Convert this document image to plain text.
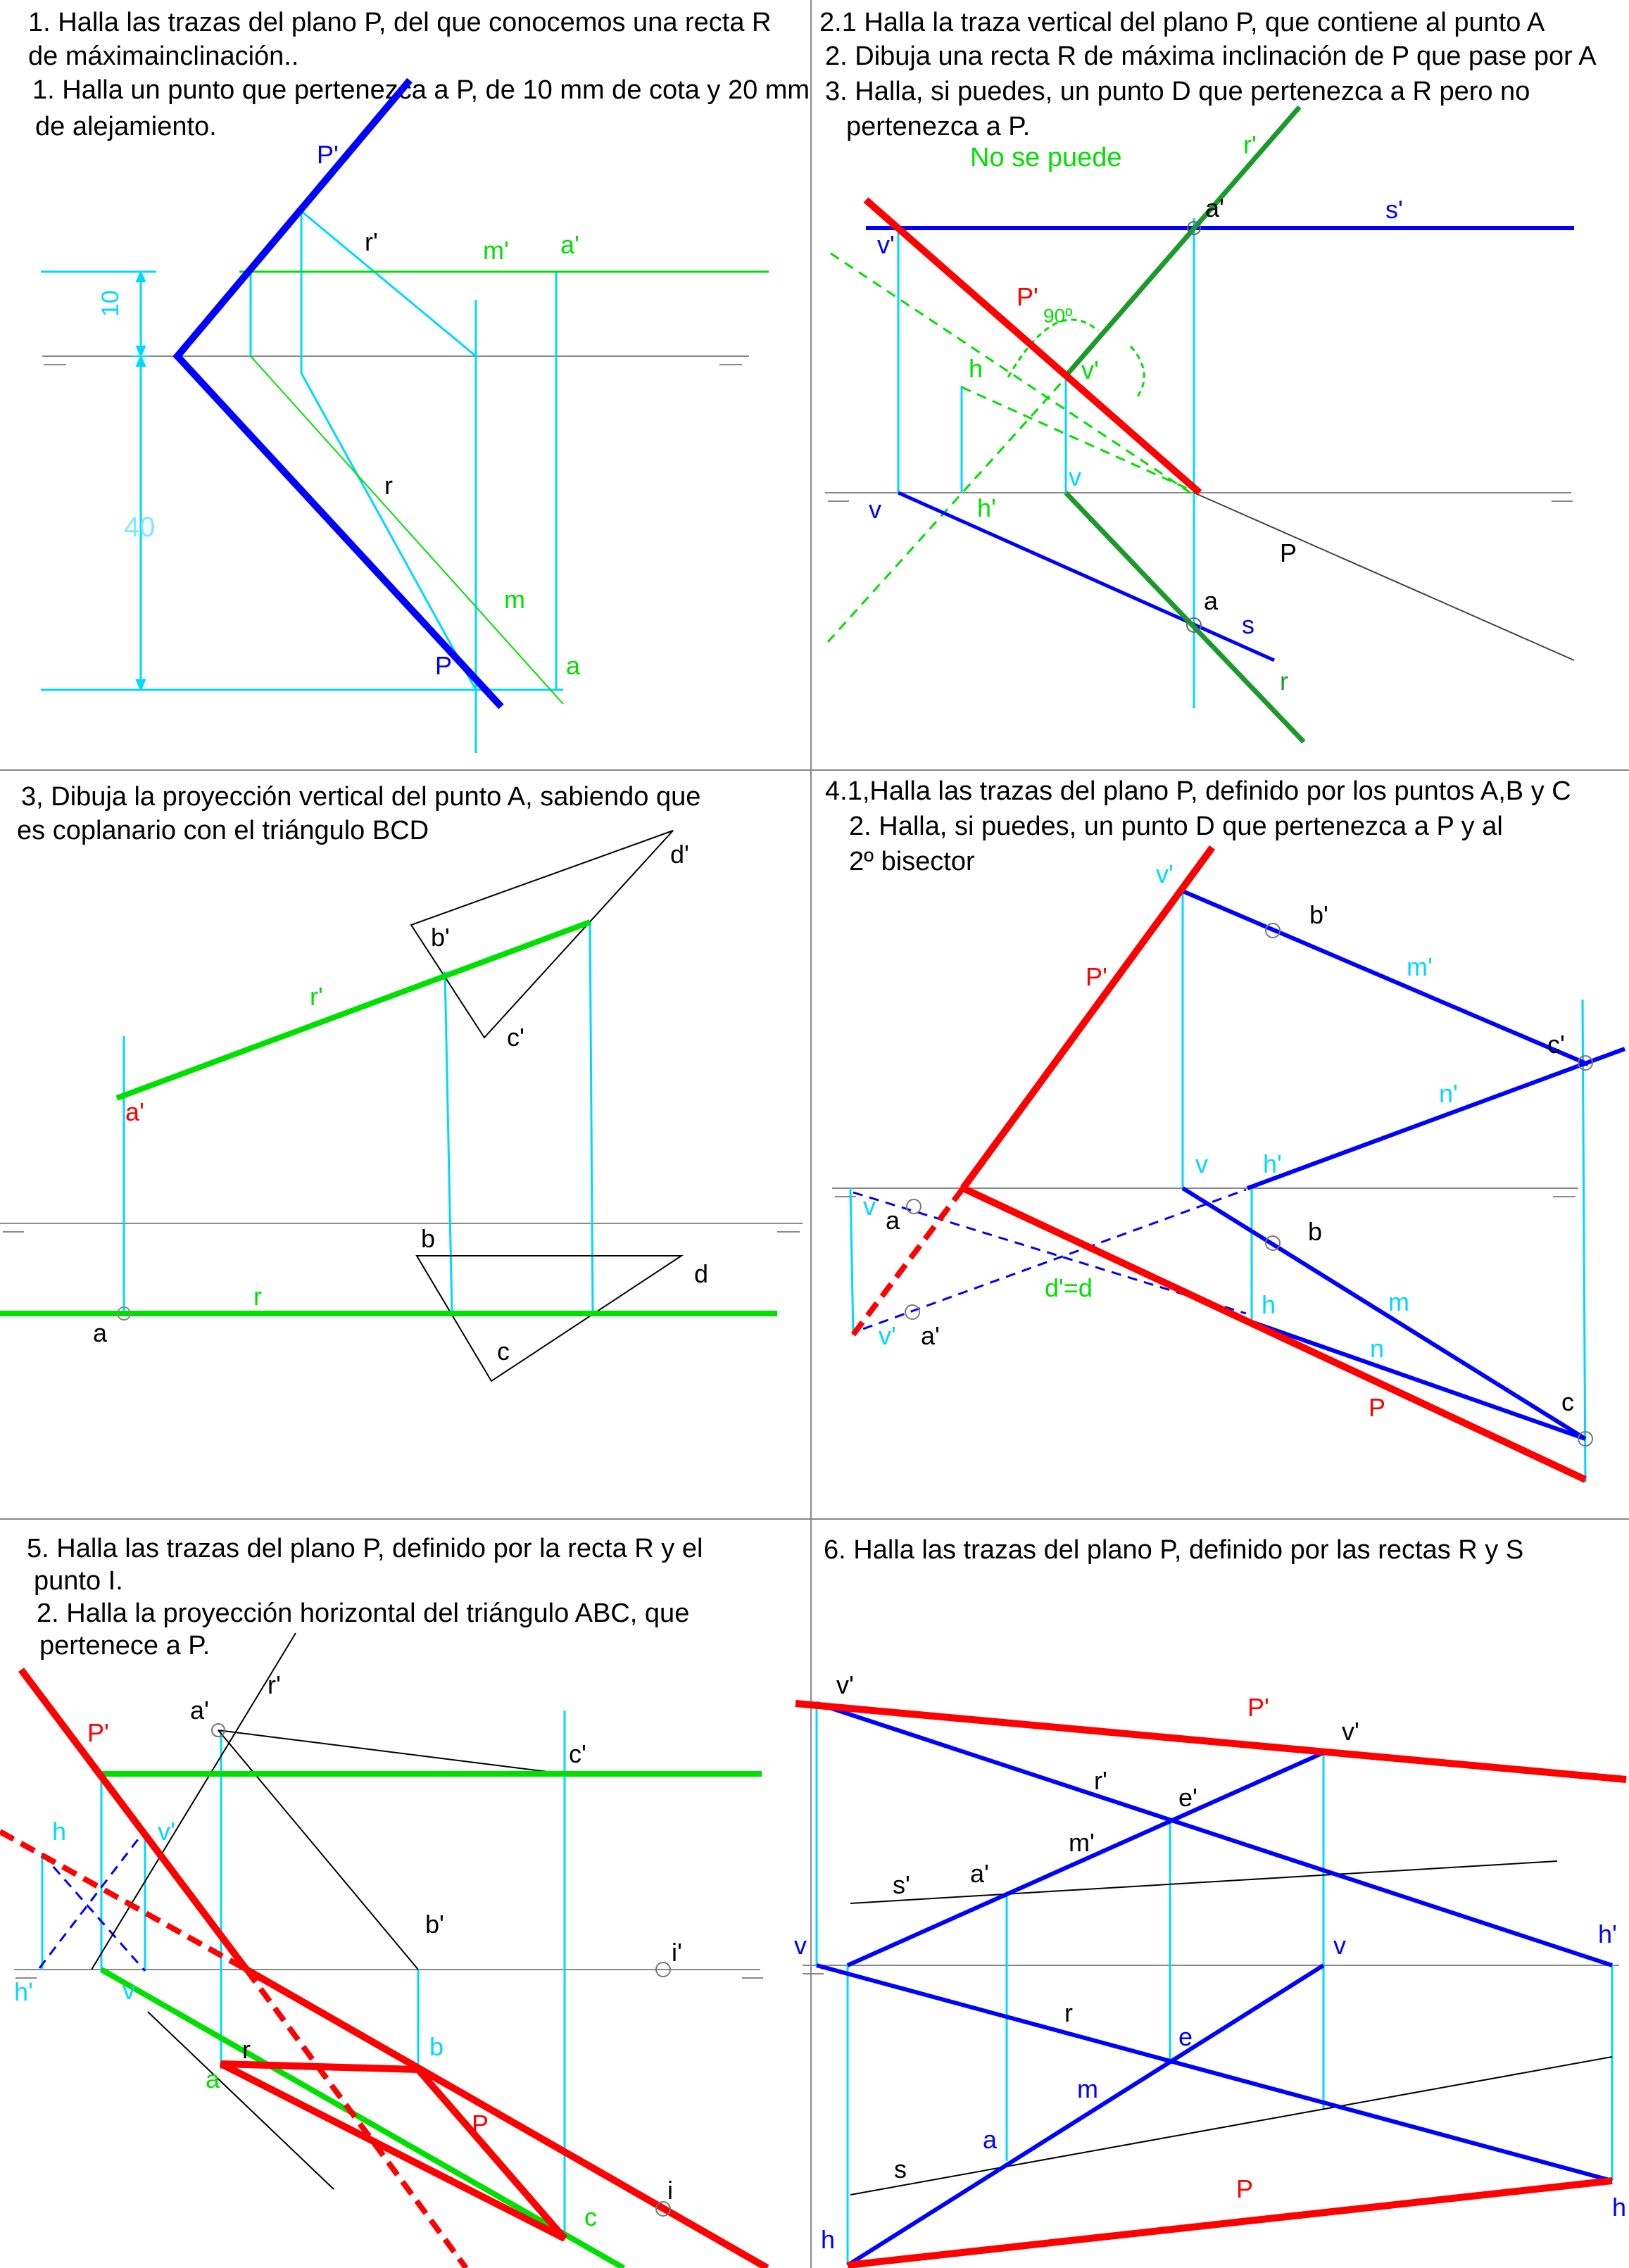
1. Halla las trazas del plano P, del que conocemos una recta R
de máximainclinación..
1. Halla un punto que pertenezca a P, de 10 mm de cota y 20 mm
de alejamiento.
10
40
P'
P
r'
r
m'
m
a'
a
2.1 Halla la traza vertical del plano P, que contiene al punto A
2. Dibuja una recta R de máxima inclinación de P que pase por A
3. Halla, si puedes, un punto D que pertenezca a R pero no
pertenezca a P.
No se puede
90º
r'
a'	s'
v'
P'
h	v'
v
h'
v
P
a
s
r
3, Dibuja la proyección vertical del punto A, sabiendo que
es coplanario con el triángulo BCD
d'
b'
r'
c'
a'
b
d
r
a
c
4.1,Halla las trazas del plano P, definido por los puntos A,B y C
2. Halla, si puedes, un punto D que pertenezca a P y al
2º bisector	v'
b'
P'	m'
c'
n'
v h'
v a	b
d'=d
h	m
v' a'	n
c
P
5. Halla las trazas del plano P, definido por la recta R y el
punto I.
2. Halla la proyección horizontal del triángulo ABC, que
pertenece a P.
r'
a'
P'
c'
h	v'
b'
i'
h'	v
r
a
b
P
i
c
6. Halla las trazas del plano P, definido por las rectas R y S
v'
P'
v'
r'
e'
m'
s' a'
v	v	h'
r
e
m
a
s
P
h
h
